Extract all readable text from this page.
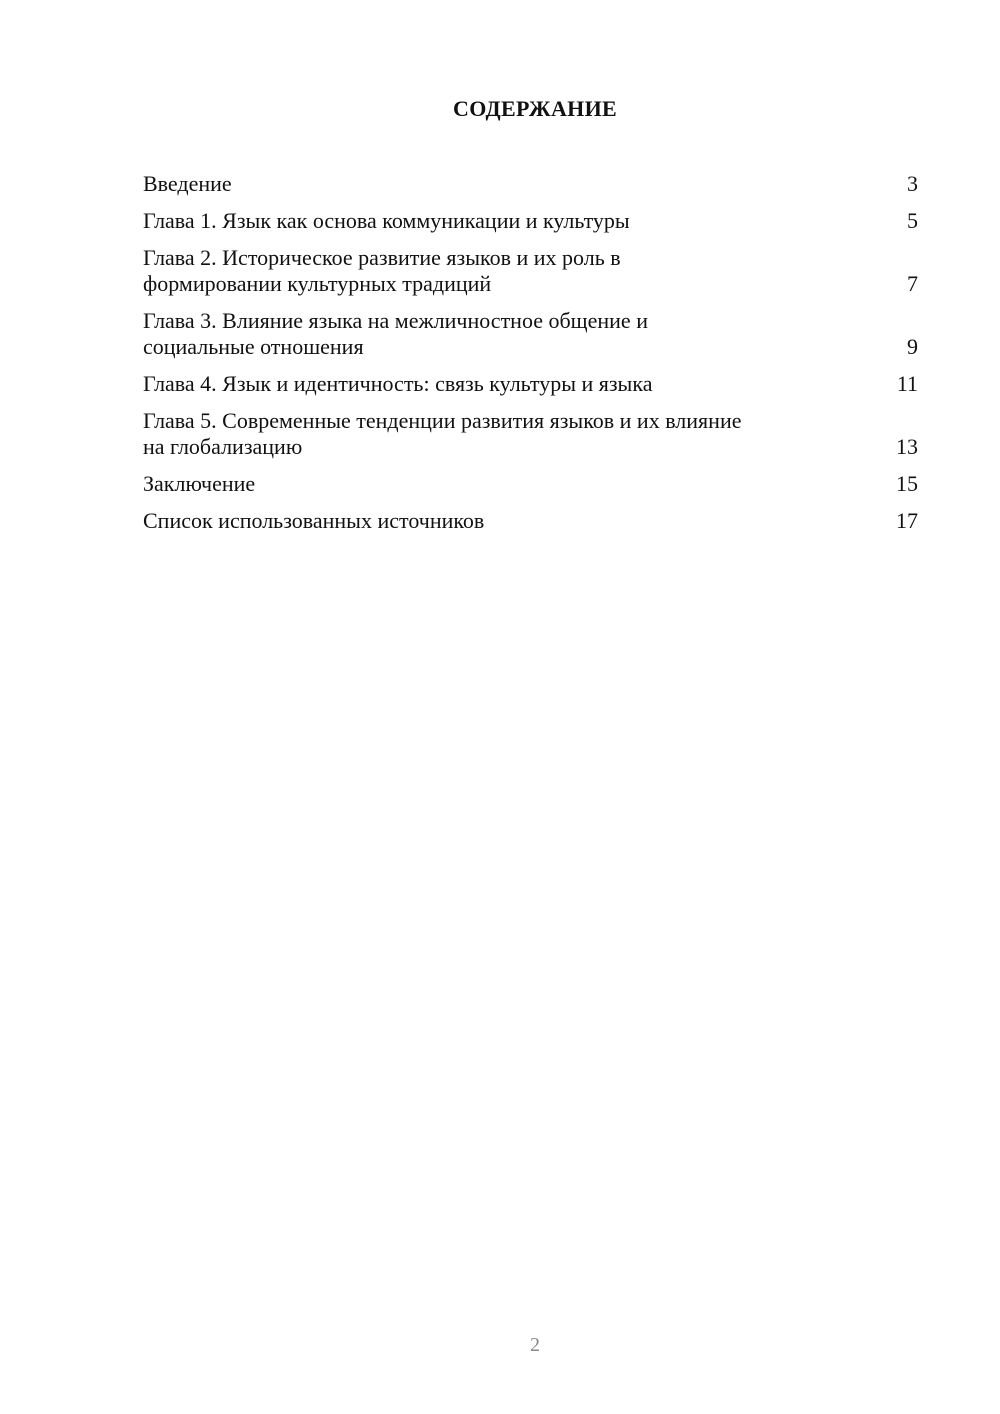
СОДЕРЖАНИЕ
Введение	3
Глава 1. Язык как основа коммуникации и культуры	5
Глава 2. Историческое развитие языков и их роль в
формировании культурных традиций	7
Глава 3. Влияние языка на межличностное общение и
социальные отношения	9
Глава 4. Язык и идентичность: связь культуры и языка	11
Глава 5. Современные тенденции развития языков и их влияние
на глобализацию	13
Заключение	15
Список использованных источников	17
2
